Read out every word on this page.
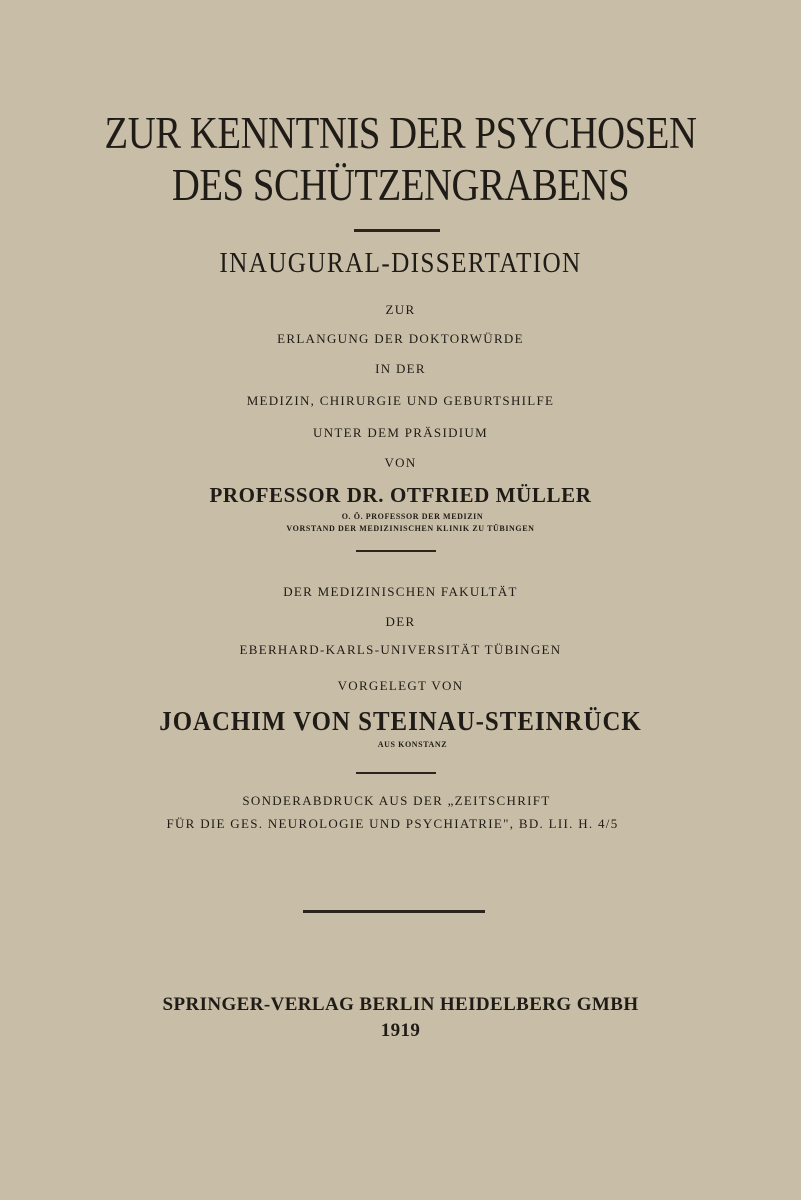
ZUR KENNTNIS DER PSYCHOSEN

DES SCHÜTZENGRABENS

INAUGURAL-DISSERTATION

ZUR

ERLANGUNG DER DOKTORWÜRDE

IN DER

MEDIZIN, CHIRURGIE UND GEBURTSHILFE

UNTER DEM PRÄSIDIUM

VON

PROFESSOR DR. OTFRIED MÜLLER

O. Ö. PROFESSOR DER MEDIZIN

VORSTAND DER MEDIZINISCHEN KLINIK ZU TÜBINGEN

DER MEDIZINISCHEN FAKULTÄT

DER

EBERHARD-KARLS-UNIVERSITÄT TÜBINGEN

VORGELEGT VON

JOACHIM VON STEINAU-STEINRÜCK

AUS KONSTANZ

SONDERABDRUCK AUS DER „ZEITSCHRIFT

FÜR DIE GES. NEUROLOGIE UND PSYCHIATRIE", BD. LII. H. 4/5

SPRINGER-VERLAG BERLIN HEIDELBERG GMBH

1919
